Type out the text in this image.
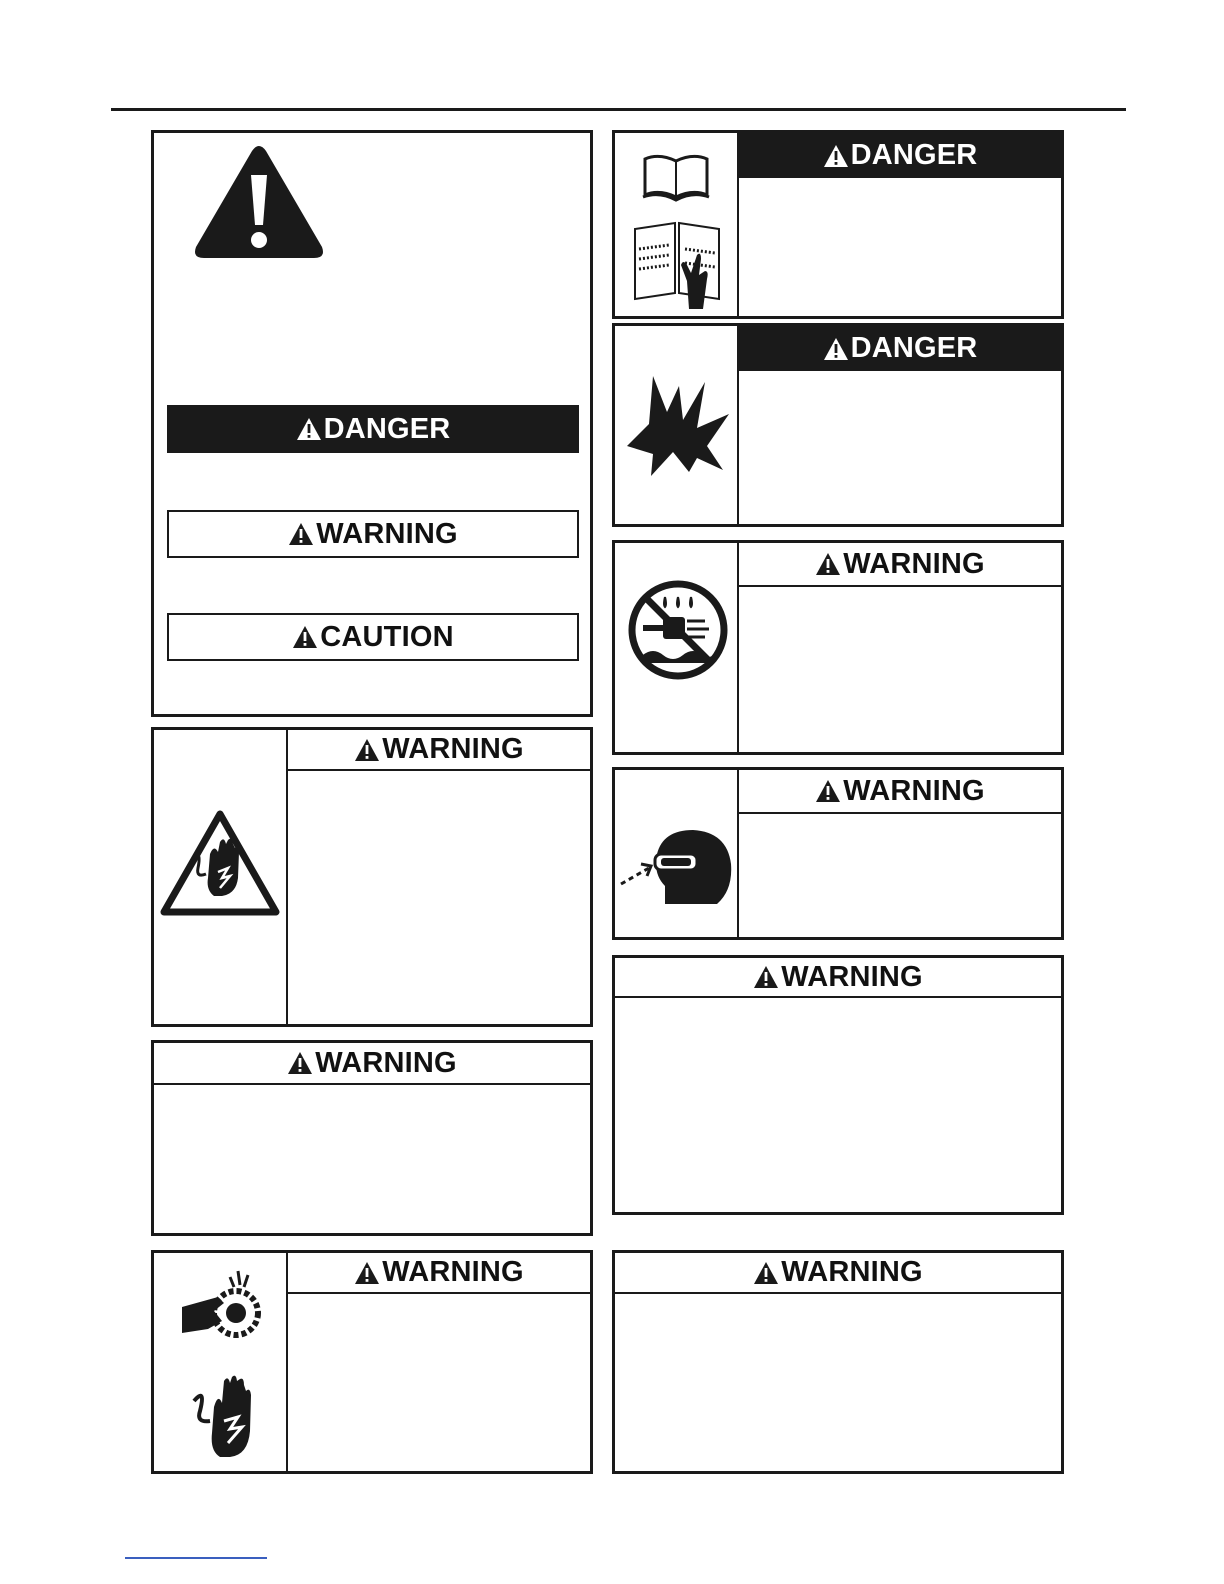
DANGER
WARNING
CAUTION
WARNING
WARNING
WARNING
DANGER
DANGER
WARNING
WARNING
WARNING
WARNING
